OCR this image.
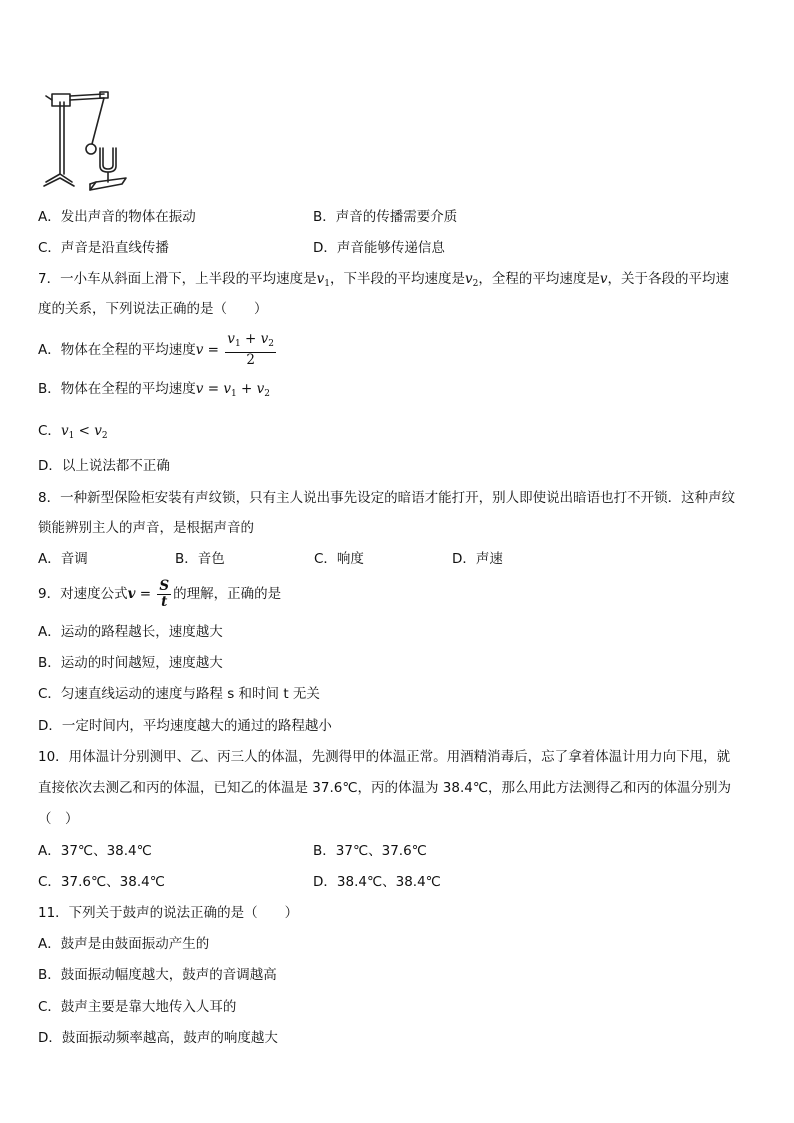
A．发出声音的物体在振动	B．声音的传播需要介质
C．声音是沿直线传播	D．声音能够传递信息
7．一小车从斜面上滑下，上半段的平均速度是$v_1$，下半段的平均速度是$v_2$，全程的平均速度是v，关于各段的平均速
度的关系，下列说法正确的是（　　）
A．物体在全程的平均速度$v = \frac{v_1 + v_2}{2}$
B．物体在全程的平均速度$v = v_1 + v_2$
C．$v_1 < v_2$
D．以上说法都不正确
8．一种新型保险柜安装有声纹锁，只有主人说出事先设定的暗语才能打开，别人即使说出暗语也打不开锁．这种声纹
锁能辨别主人的声音，是根据声音的
A．音调	B．音色	C．响度	D．声速
9．对速度公式$v = \frac{S}{t}$ 的理解，正确的是
A．运动的路程越长，速度越大
B．运动的时间越短，速度越大
C．匀速直线运动的速度与路程 s 和时间 t 无关
D．一定时间内，平均速度越大的通过的路程越小
10．用体温计分别测甲、乙、丙三人的体温，先测得甲的体温正常。用酒精消毒后，忘了拿着体温计用力向下甩，就
直接依次去测乙和丙的体温，已知乙的体温是 37.6℃，丙的体温为 38.4℃，那么用此方法测得乙和丙的体温分别为
（　）
A．37℃、38.4℃	B．37℃、37.6℃
C．37.6℃、38.4℃	D．38.4℃、38.4℃
11．下列关于鼓声的说法正确的是（　　）
A．鼓声是由鼓面振动产生的
B．鼓面振动幅度越大，鼓声的音调越高
C．鼓声主要是靠大地传入人耳的
D．鼓面振动频率越高，鼓声的响度越大
